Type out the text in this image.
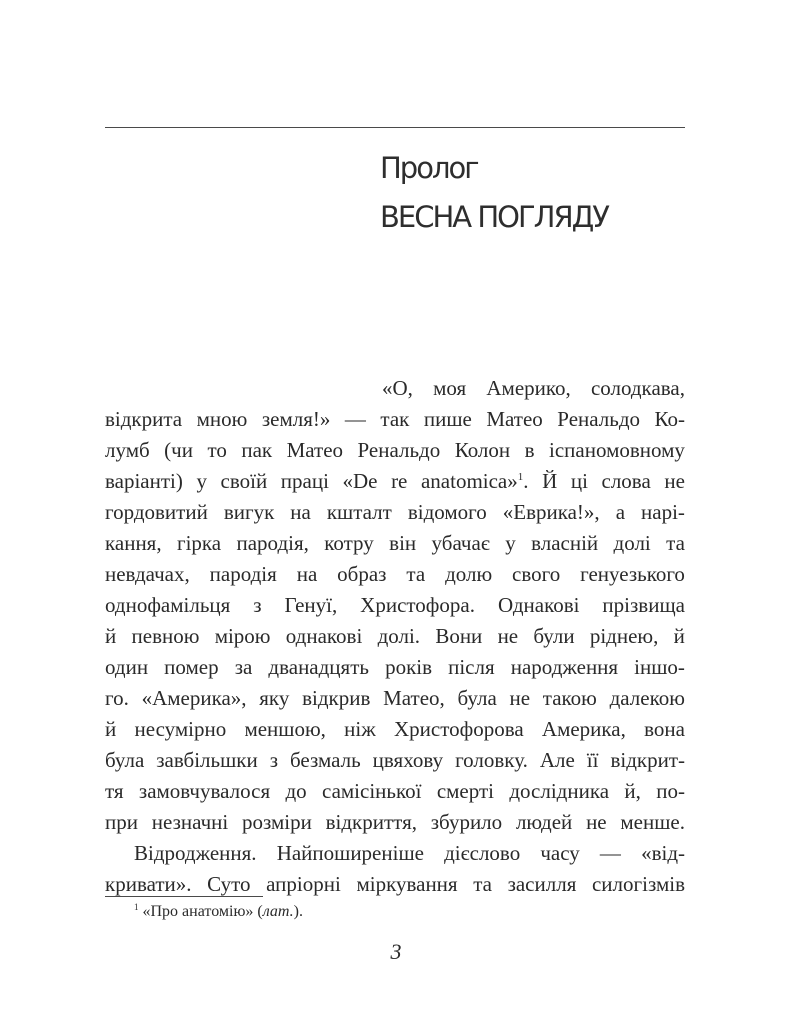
Пролог
ВЕСНА ПОГЛЯДУ
«О, моя Америко, солодкава,
відкрита мною земля!» — так пише Матео Ренальдо Ко-
лумб (чи то пак Матео Ренальдо Колон в іспаномовному
варіанті) у своїй праці «De re anatomica»$^1$. Й ці слова не
гордовитий вигук на кшталт відомого «Еврика!», а нарі-
кання, гірка пародія, котру він убачає у власній долі та
невдачах, пародія на образ та долю свого генуезького
однофамільця з Генуї, Христофора. Однакові прізвища
й певною мірою однакові долі. Вони не були ріднею, й
один помер за дванадцять років після народження іншо-
го. «Америка», яку відкрив Матео, була не такою далекою
й несумірно меншою, ніж Христофорова Америка, вона
була завбільшки з безмаль цвяхову головку. Але її відкрит-
тя замовчувалося до самісінької смерті дослідника й, по-
при незначні розміри відкриття, збурило людей не менше.
Відродження. Найпоширеніше дієслово часу — «від-
кривати». Суто апріорні міркування та засилля силогізмів
$^1$ «Про анатомію» (лат.).
3
